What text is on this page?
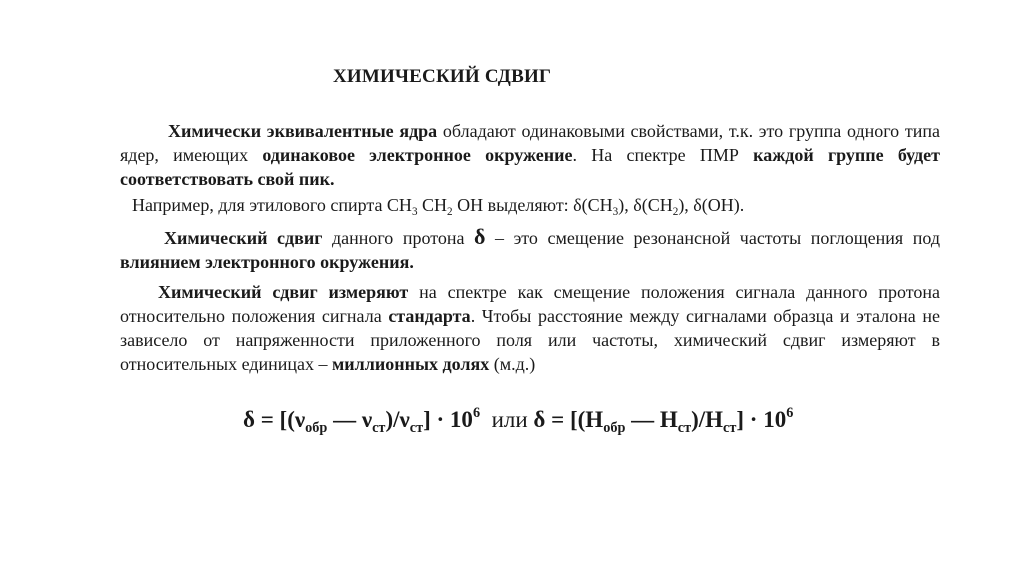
ХИМИЧЕСКИЙ СДВИГ

Химически эквивалентные ядра обладают одинаковыми свойствами, т.к. это группа одного типа ядер, имеющих одинаковое электронное окружение. На спектре ПМР каждой группе будет соответствовать свой пик.

Например, для этилового спирта $СН_3$ $СН_2$ ОН выделяют: $\delta(СН_3)$, $\delta(СН_2)$, δ(ОН).

Химический сдвиг данного протона δ – это смещение резонансной частоты поглощения под влиянием электронного окружения.

Химический сдвиг измеряют на спектре как смещение положения сигнала данного протона относительно положения сигнала стандарта. Чтобы расстояние между сигналами образца и эталона не зависело от напряженности приложенного поля или частоты, химический сдвиг измеряют в относительных единицах – миллионных долях (м.д.)

$\delta = [(\nu_{обр}$ — $\nu_{ст})/\nu_{ст}] \cdot 10^6$  или $\delta = [(Н_{обр}$ — $Н_{ст})/Н_{ст}] \cdot 10^6$
